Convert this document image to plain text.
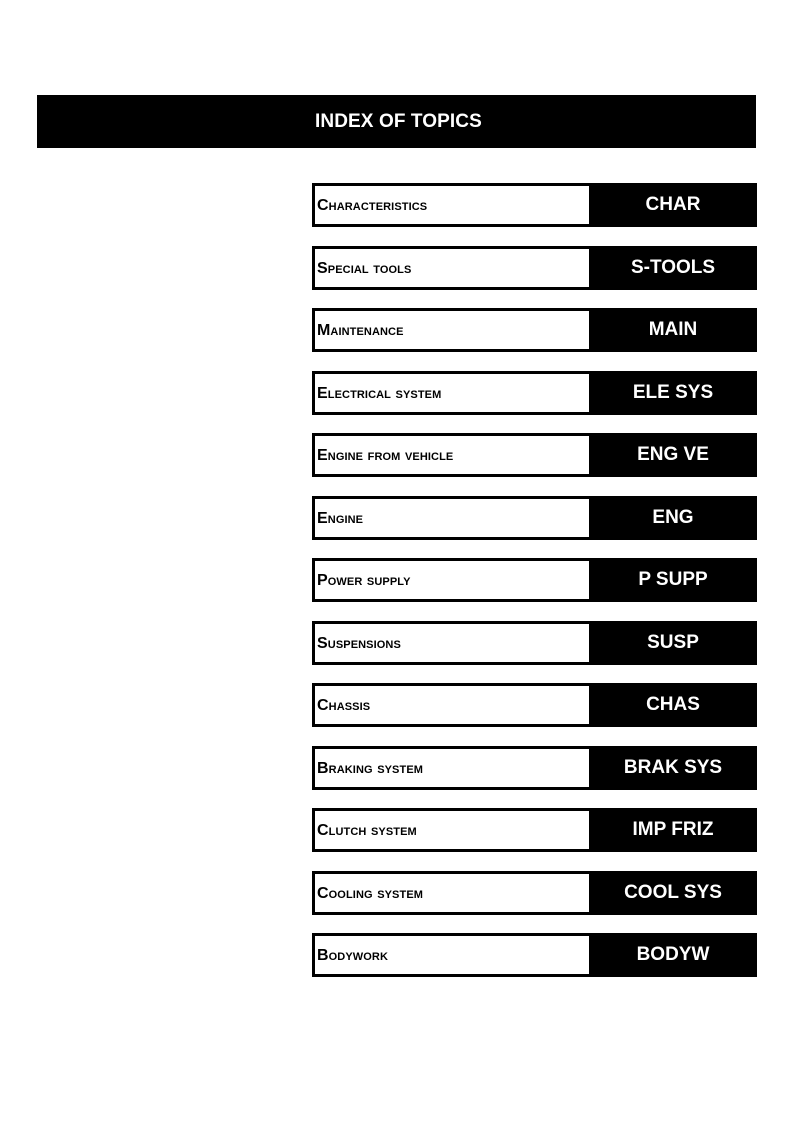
INDEX OF TOPICS
Characteristics	CHAR
Special tools	S-TOOLS
Maintenance	MAIN
Electrical system	ELE SYS
Engine from vehicle	ENG VE
Engine	ENG
Power supply	P SUPP
Suspensions	SUSP
Chassis	CHAS
Braking system	BRAK SYS
Clutch system	IMP FRIZ
Cooling system	COOL SYS
Bodywork	BODYW
